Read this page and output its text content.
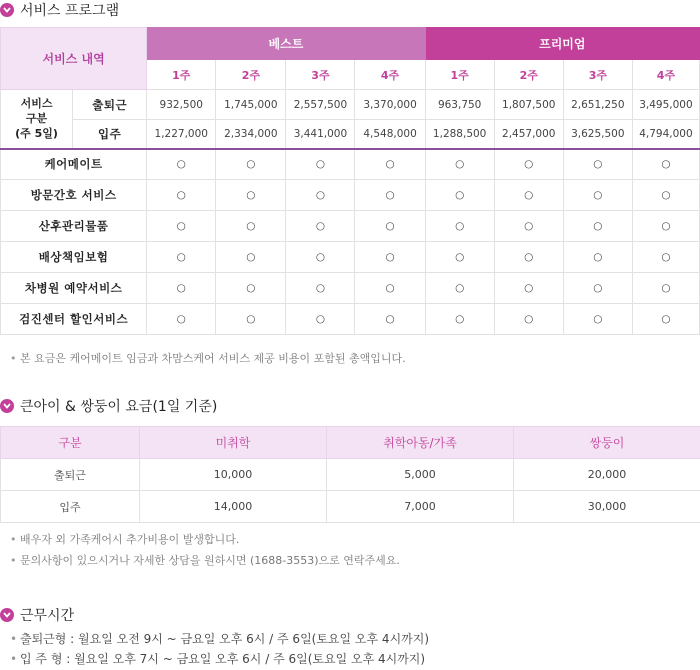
서비스 프로그램
서비스 내역		베스트				프리미엄			
		1주	2주	3주	4주	1주	2주	3주	4주
서비스
구분
(주 5일)	출퇴근	932,500	1,745,000	2,557,500	3,370,000	963,750	1,807,500	2,651,250	3,495,000
	입주	1,227,000	2,334,000	3,441,000	4,548,000	1,288,500	2,457,000	3,625,500	4,794,000
케어메이트		○	○	○	○	○	○	○	○
방문간호 서비스		○	○	○	○	○	○	○	○
산후관리물품		○	○	○	○	○	○	○	○
배상책임보험		○	○	○	○	○	○	○	○
차병원 예약서비스		○	○	○	○	○	○	○	○
검진센터 할인서비스		○	○	○	○	○	○	○	○
• 본 요금은 케어메이트 임금과 차맘스케어 서비스 제공 비용이 포함된 총액입니다.
큰아이 & 쌍둥이 요금(1일 기준)
구분	미취학	취학아동/가족	쌍둥이
출퇴근	10,000	5,000	20,000
입주	14,000	7,000	30,000
• 배우자 외 가족케어시 추가비용이 발생합니다.
• 문의사항이 있으시거나 자세한 상담을 원하시면 (1688-3553)으로 연락주세요.
근무시간
• 출퇴근형 : 월요일 오전 9시 ~ 금요일 오후 6시 / 주 6일(토요일 오후 4시까지)
• 입 주 형 : 월요일 오후 7시 ~ 금요일 오후 6시 / 주 6일(토요일 오후 4시까지)
